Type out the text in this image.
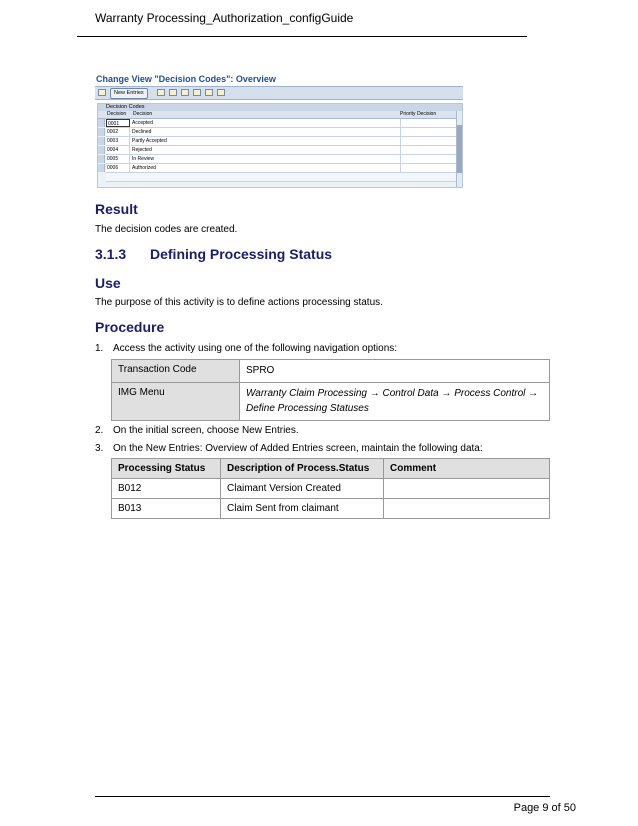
Warranty Processing_Authorization_configGuide
Change View "Decision Codes": Overview
New Entries
Decision Codes
Decision Decision	Priority Decision
0001	Accepted
0002	Declined
0003	Partly Accepted
0004	Rejected
0005	In Review
0006	Authorized
Result
The decision codes are created.
3.1.3 Defining Processing Status
Use
The purpose of this activity is to define actions processing status.
Procedure
1. Access the activity using one of the following navigation options:
Transaction Code	SPRO
IMG Menu	Warranty Claim Processing → Control Data → Process Control → Define Processing Statuses
2. On the initial screen, choose New Entries.
3. On the New Entries: Overview of Added Entries screen, maintain the following data:
Processing Status	Description of Process.Status	Comment
B012	Claimant Version Created	
B013	Claim Sent from claimant	
Page 9 of 50
